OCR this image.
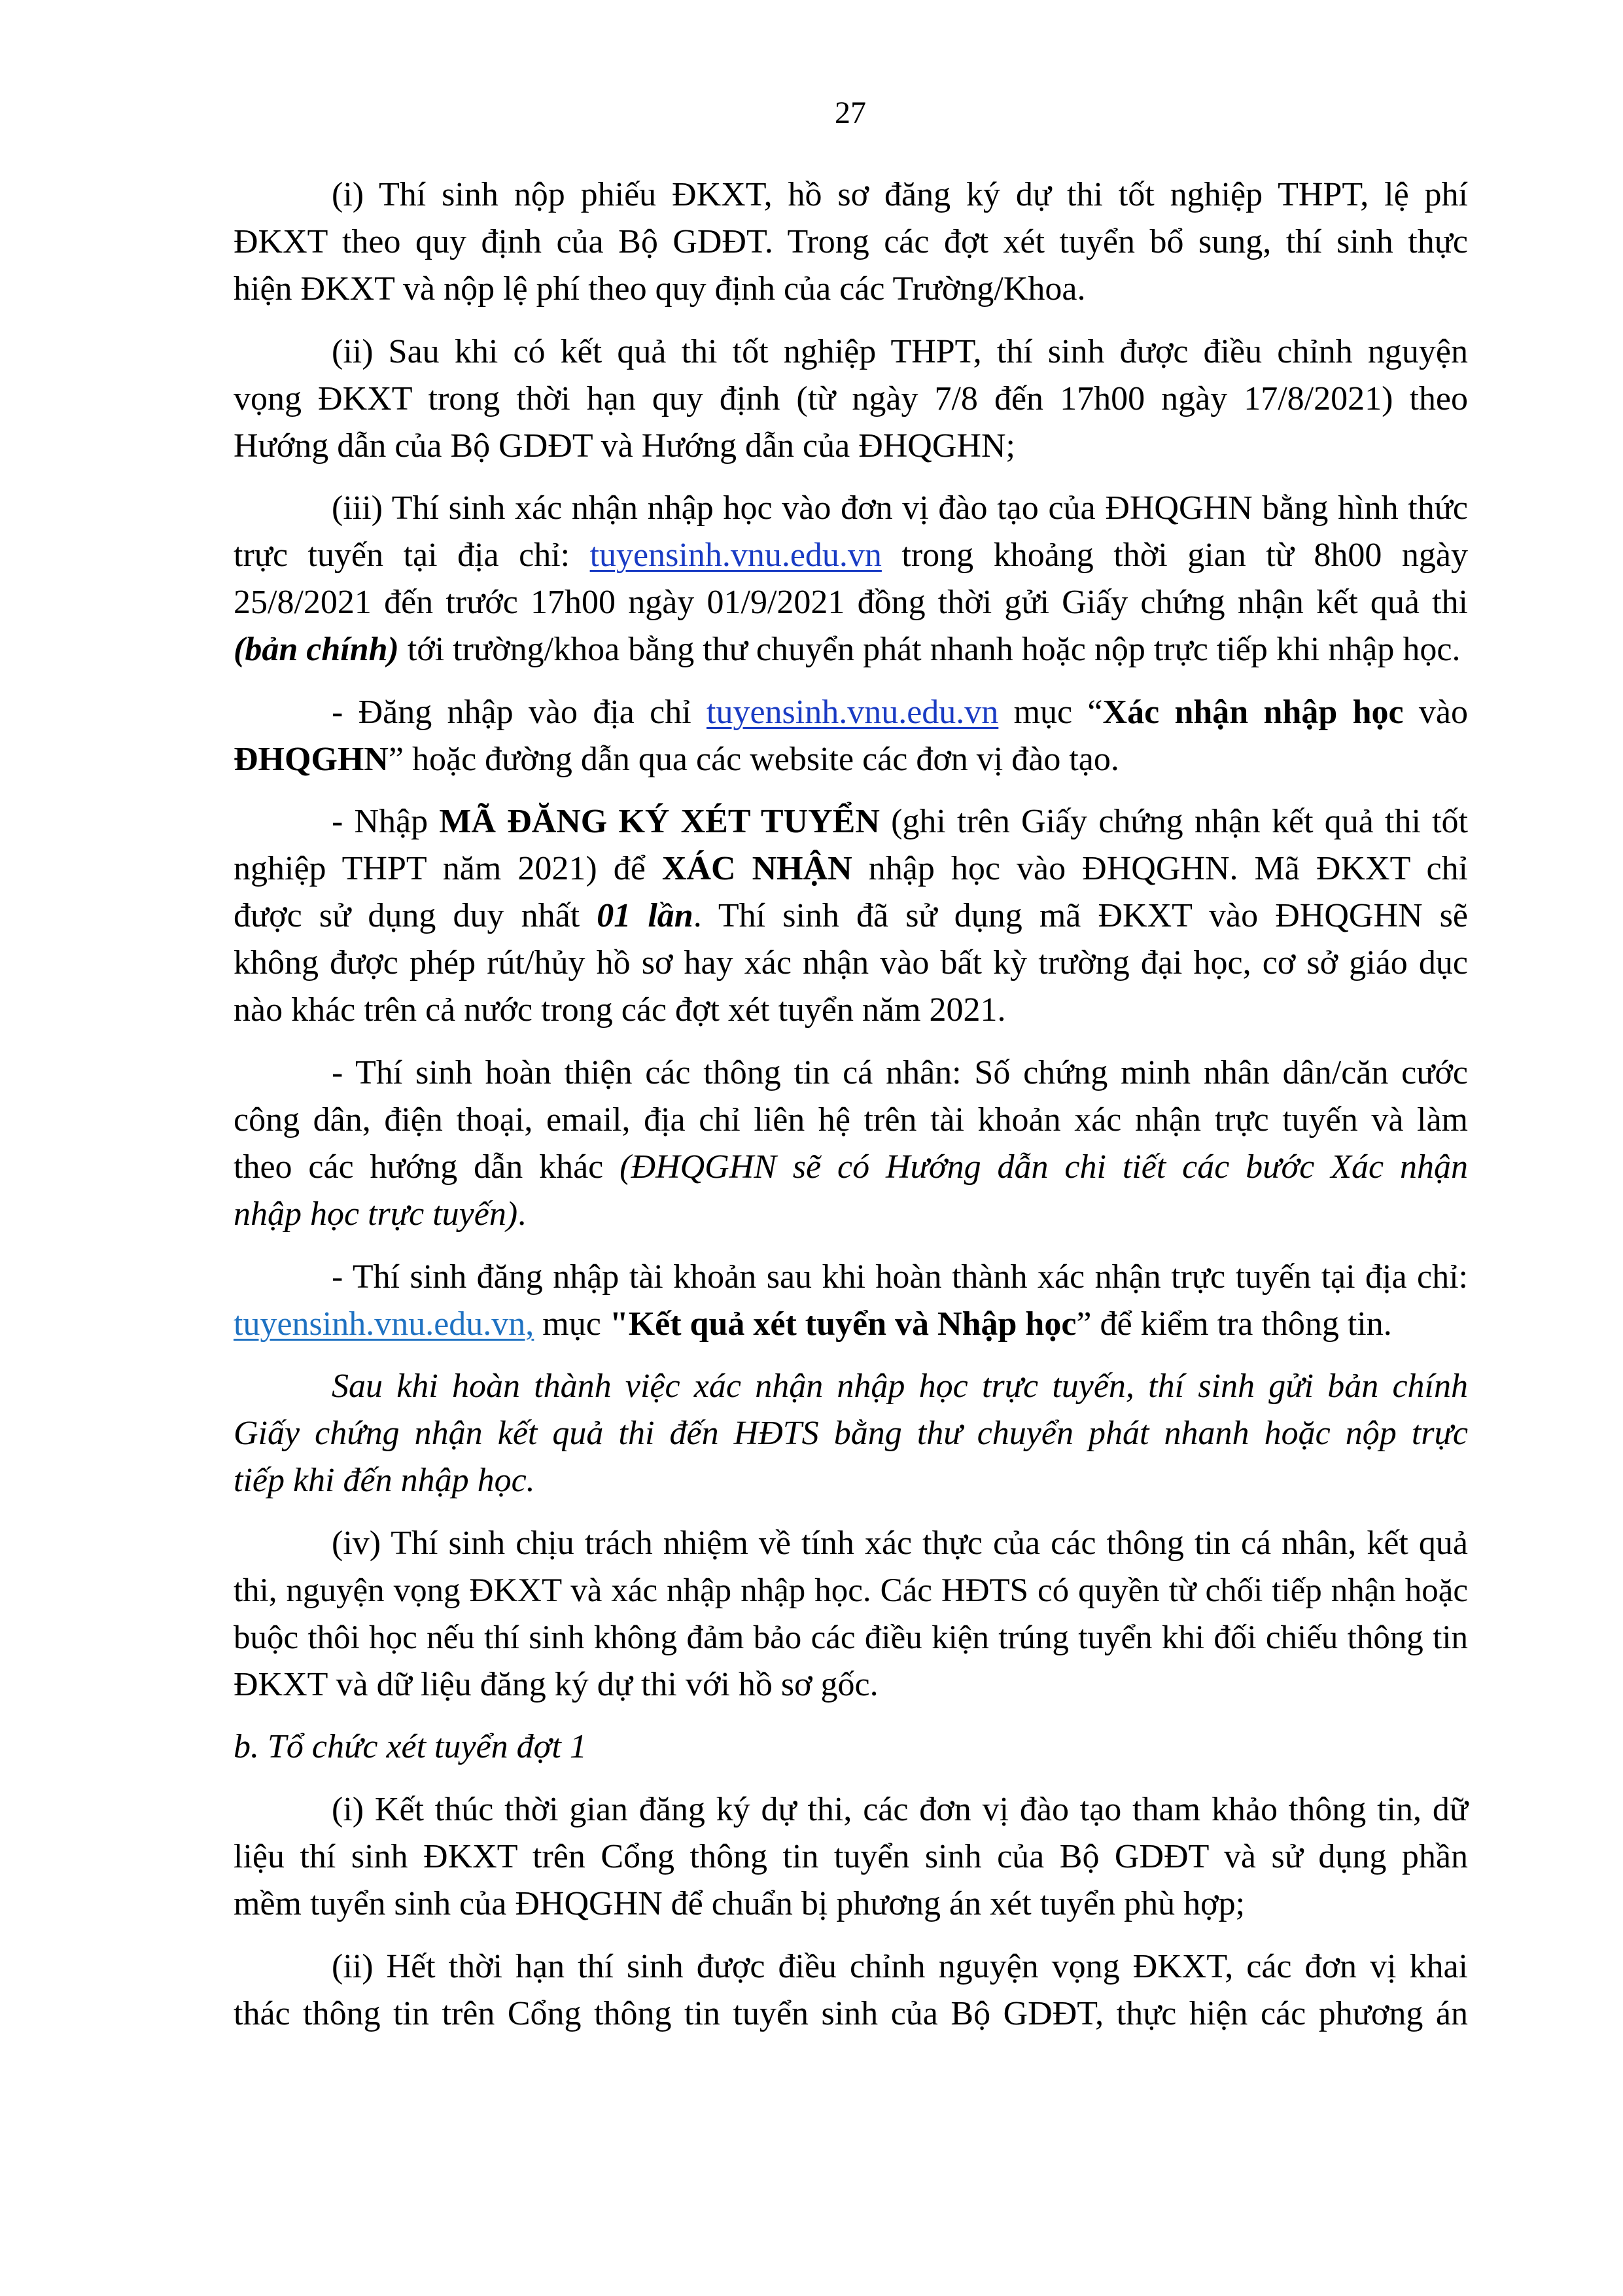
27
(i) Thí sinh nộp phiếu ĐKXT, hồ sơ đăng ký dự thi tốt nghiệp THPT, lệ phí
ĐKXT theo quy định của Bộ GDĐT. Trong các đợt xét tuyển bổ sung, thí sinh thực
hiện ĐKXT và nộp lệ phí theo quy định của các Trường/Khoa.
(ii) Sau khi có kết quả thi tốt nghiệp THPT, thí sinh được điều chỉnh nguyện
vọng ĐKXT trong thời hạn quy định (từ ngày 7/8 đến 17h00 ngày 17/8/2021) theo
Hướng dẫn của Bộ GDĐT và Hướng dẫn của ĐHQGHN;
(iii) Thí sinh xác nhận nhập học vào đơn vị đào tạo của ĐHQGHN bằng hình thức
trực tuyến tại địa chỉ: tuyensinh.vnu.edu.vn trong khoảng thời gian từ 8h00 ngày
25/8/2021 đến trước 17h00 ngày 01/9/2021 đồng thời gửi Giấy chứng nhận kết quả thi
(bản chính) tới trường/khoa bằng thư chuyển phát nhanh hoặc nộp trực tiếp khi nhập học.
- Đăng nhập vào địa chỉ tuyensinh.vnu.edu.vn mục “Xác nhận nhập học vào
ĐHQGHN” hoặc đường dẫn qua các website các đơn vị đào tạo.
- Nhập MÃ ĐĂNG KÝ XÉT TUYỂN (ghi trên Giấy chứng nhận kết quả thi tốt
nghiệp THPT năm 2021) để XÁC NHẬN nhập học vào ĐHQGHN. Mã ĐKXT chỉ
được sử dụng duy nhất 01 lần. Thí sinh đã sử dụng mã ĐKXT vào ĐHQGHN sẽ
không được phép rút/hủy hồ sơ hay xác nhận vào bất kỳ trường đại học, cơ sở giáo dục
nào khác trên cả nước trong các đợt xét tuyển năm 2021.
- Thí sinh hoàn thiện các thông tin cá nhân: Số chứng minh nhân dân/căn cước
công dân, điện thoại, email, địa chỉ liên hệ trên tài khoản xác nhận trực tuyến và làm
theo các hướng dẫn khác (ĐHQGHN sẽ có Hướng dẫn chi tiết các bước Xác nhận
nhập học trực tuyến).
- Thí sinh đăng nhập tài khoản sau khi hoàn thành xác nhận trực tuyến tại địa chỉ:
tuyensinh.vnu.edu.vn, mục "Kết quả xét tuyển và Nhập học” để kiểm tra thông tin.
Sau khi hoàn thành việc xác nhận nhập học trực tuyến, thí sinh gửi bản chính
Giấy chứng nhận kết quả thi đến HĐTS bằng thư chuyển phát nhanh hoặc nộp trực
tiếp khi đến nhập học.
(iv) Thí sinh chịu trách nhiệm về tính xác thực của các thông tin cá nhân, kết quả
thi, nguyện vọng ĐKXT và xác nhập nhập học. Các HĐTS có quyền từ chối tiếp nhận hoặc
buộc thôi học nếu thí sinh không đảm bảo các điều kiện trúng tuyển khi đối chiếu thông tin
ĐKXT và dữ liệu đăng ký dự thi với hồ sơ gốc.
b. Tổ chức xét tuyển đợt 1
(i) Kết thúc thời gian đăng ký dự thi, các đơn vị đào tạo tham khảo thông tin, dữ
liệu thí sinh ĐKXT trên Cổng thông tin tuyển sinh của Bộ GDĐT và sử dụng phần
mềm tuyển sinh của ĐHQGHN để chuẩn bị phương án xét tuyển phù hợp;
(ii) Hết thời hạn thí sinh được điều chỉnh nguyện vọng ĐKXT, các đơn vị khai
thác thông tin trên Cổng thông tin tuyển sinh của Bộ GDĐT, thực hiện các phương án
